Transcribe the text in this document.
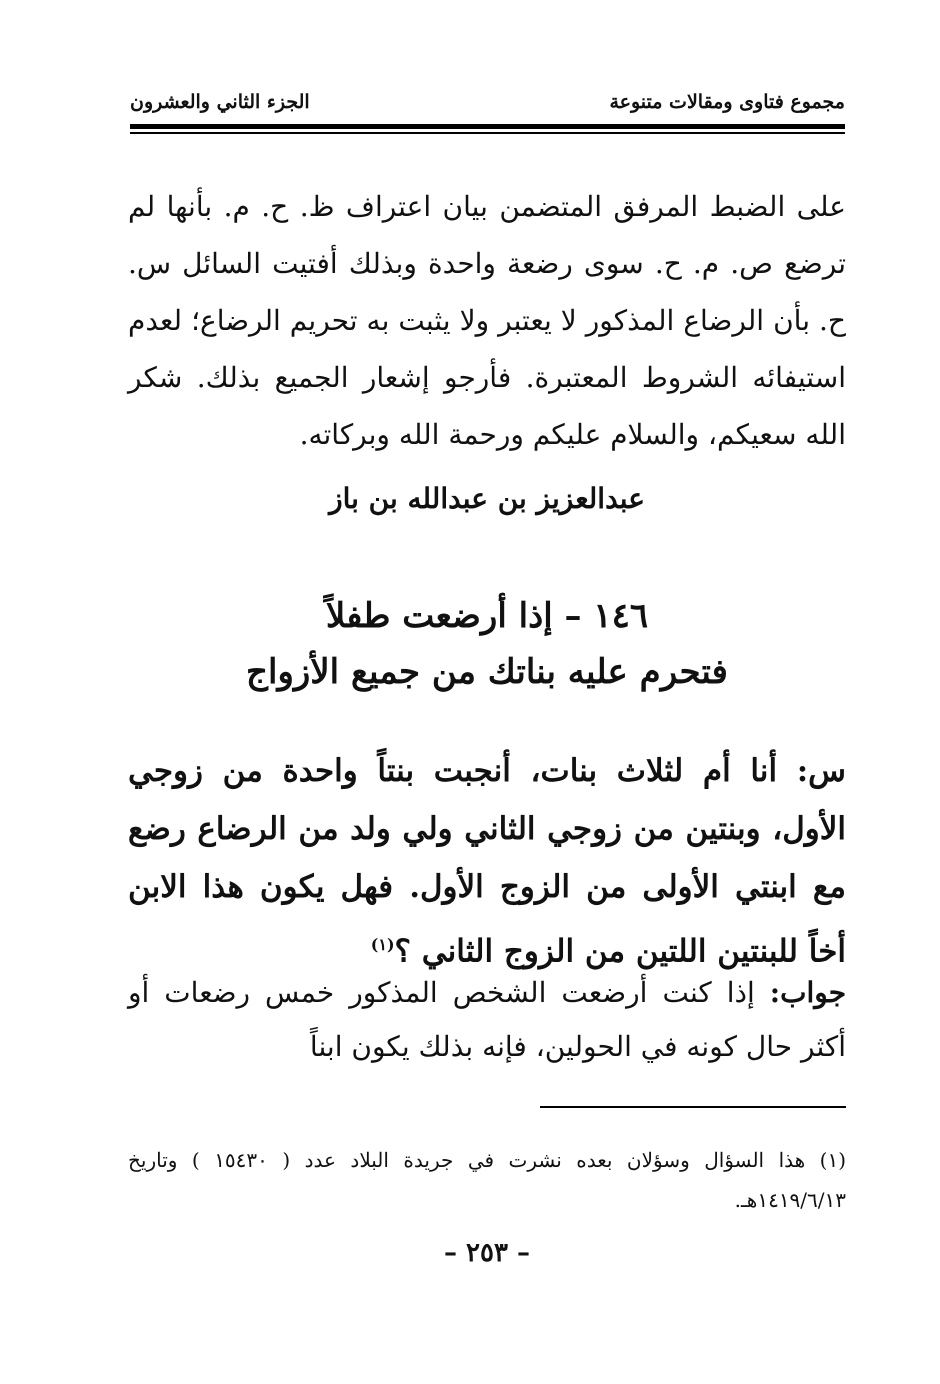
مجموع فتاوى ومقالات متنوعة
الجزء الثاني والعشرون
على الضبط المرفق المتضمن بيان اعتراف ظ. ح. م. بأنها لم ترضع ص. م. ح. سوى رضعة واحدة وبذلك أفتيت السائل س. ح. بأن الرضاع المذكور لا يعتبر ولا يثبت به تحريم الرضاع؛ لعدم استيفائه الشروط المعتبرة. فأرجو إشعار الجميع بذلك. شكر الله سعيكم، والسلام عليكم ورحمة الله وبركاته.
عبدالعزيز بن عبدالله بن باز
١٤٦ – إذا أرضعت طفلاً
فتحرم عليه بناتك من جميع الأزواج
س: أنا أم لثلاث بنات، أنجبت بنتاً واحدة من زوجي الأول، وبنتين من زوجي الثاني ولي ولد من الرضاع رضع مع ابنتي الأولى من الزوج الأول. فهل يكون هذا الابن أخاً للبنتين اللتين من الزوج الثاني ؟$^{(١)}$
جواب: إذا كنت أرضعت الشخص المذكور خمس رضعات أو أكثر حال كونه في الحولين، فإنه بذلك يكون ابناً
(١) هذا السؤال وسؤلان بعده نشرت في جريدة البلاد عدد ( ١٥٤٣٠ ) وتاريخ ١٤١٩/٦/١٣هـ.
– ٢٥٣ –
